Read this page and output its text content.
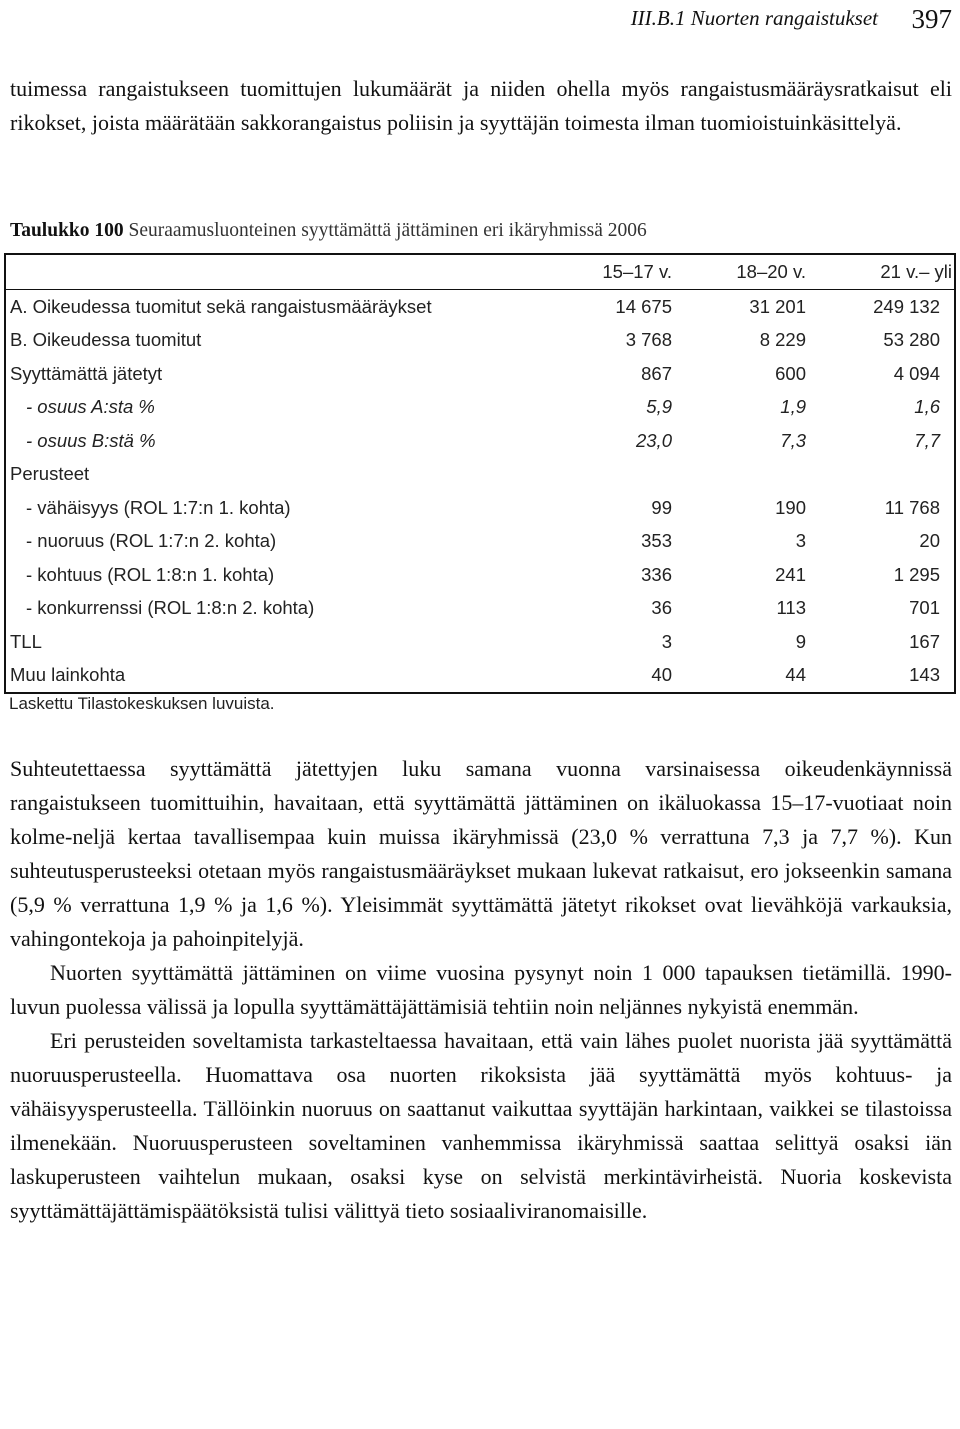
III.B.1 Nuorten rangaistukset 397

tuimessa rangaistukseen tuomittujen lukumäärät ja niiden ohella myös rangaistusmääräysratkaisut eli rikokset, joista määrätään sakkorangaistus poliisin ja syyttäjän toimesta ilman tuomioistuinkäsittelyä.

Taulukko 100 Seuraamusluonteinen syyttämättä jättäminen eri ikäryhmissä 2006
	15–17 v.	18–20 v.	21 v.– yli
A. Oikeudessa tuomitut sekä rangaistusmääräykset	14 675	31 201	249 132
B. Oikeudessa tuomitut	3 768	8 229	53 280
Syyttämättä jätetyt	867	600	4 094
- osuus A:sta %	5,9	1,9	1,6
- osuus B:stä %	23,0	7,3	7,7
Perusteet			
- vähäisyys (ROL 1:7:n 1. kohta)	99	190	11 768
- nuoruus (ROL 1:7:n 2. kohta)	353	3	20
- kohtuus (ROL 1:8:n 1. kohta)	336	241	1 295
- konkurrenssi (ROL 1:8:n 2. kohta)	36	113	701
TLL	3	9	167
Muu lainkohta	40	44	143
Laskettu Tilastokeskuksen luvuista.

Suhteutettaessa syyttämättä jätettyjen luku samana vuonna varsinaisessa oikeudenkäynnissä rangaistukseen tuomittuihin, havaitaan, että syyttämättä jättäminen on ikäluokassa 15–17-vuotiaat noin kolme-neljä kertaa tavallisempaa kuin muissa ikäryhmissä (23,0 % verrattuna 7,3 ja 7,7 %). Kun suhteutusperusteeksi otetaan myös rangaistusmääräykset mukaan lukevat ratkaisut, ero jokseenkin samana (5,9 % verrattuna 1,9 % ja 1,6 %). Yleisimmät syyttämättä jätetyt rikokset ovat lievähköjä varkauksia, vahingontekoja ja pahoinpitelyjä.

Nuorten syyttämättä jättäminen on viime vuosina pysynyt noin 1 000 tapauksen tietämillä. 1990-luvun puolessa välissä ja lopulla syyttämättäjättämisiä tehtiin noin neljännes nykyistä enemmän.

Eri perusteiden soveltamista tarkasteltaessa havaitaan, että vain lähes puolet nuorista jää syyttämättä nuoruusperusteella. Huomattava osa nuorten rikoksista jää syyttämättä myös kohtuus- ja vähäisyysperusteella. Tällöinkin nuoruus on saattanut vaikuttaa syyttäjän harkintaan, vaikkei se tilastoissa ilmenekään. Nuoruusperusteen soveltaminen vanhemmissa ikäryhmissä saattaa selittyä osaksi iän laskuperusteen vaihtelun mukaan, osaksi kyse on selvistä merkintävirheistä. Nuoria koskevista syyttämättäjättämispäätöksistä tulisi välittyä tieto sosiaaliviranomaisille.
